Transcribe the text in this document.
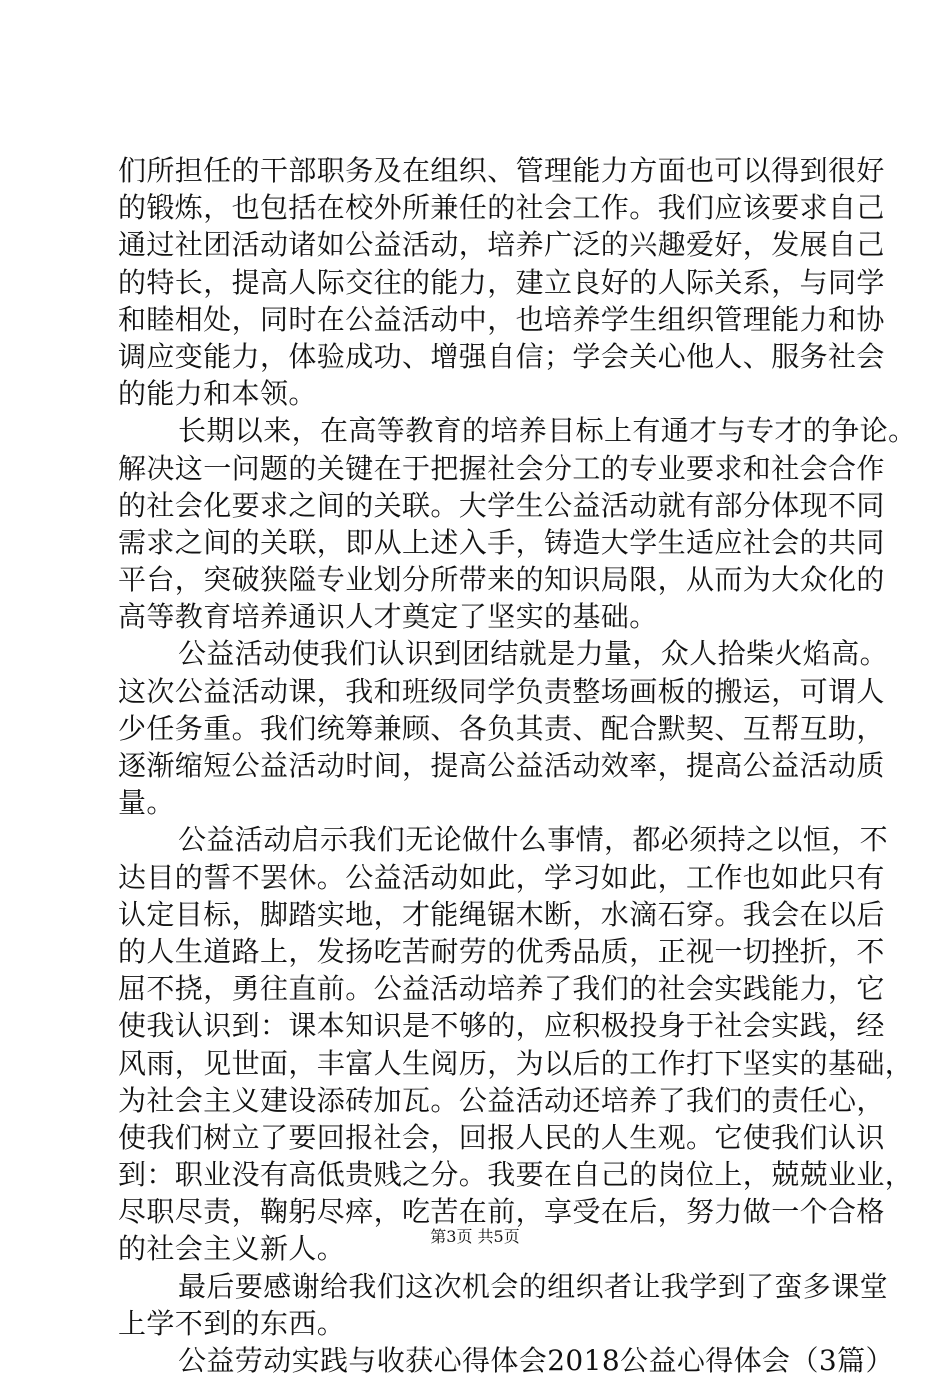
们所担任的干部职务及在组织、管理能力方面也可以得到很好
的锻炼，也包括在校外所兼任的社会工作。我们应该要求自己
通过社团活动诸如公益活动，培养广泛的兴趣爱好，发展自己
的特长，提高人际交往的能力，建立良好的人际关系，与同学
和睦相处，同时在公益活动中，也培养学生组织管理能力和协
调应变能力，体验成功、增强自信；学会关心他人、服务社会
的能力和本领。
长期以来，在高等教育的培养目标上有通才与专才的争论。
解决这一问题的关键在于把握社会分工的专业要求和社会合作
的社会化要求之间的关联。大学生公益活动就有部分体现不同
需求之间的关联，即从上述入手，铸造大学生适应社会的共同
平台，突破狭隘专业划分所带来的知识局限，从而为大众化的
高等教育培养通识人才奠定了坚实的基础。
公益活动使我们认识到团结就是力量，众人拾柴火焰高。
这次公益活动课，我和班级同学负责整场画板的搬运，可谓人
少任务重。我们统筹兼顾、各负其责、配合默契、互帮互助，
逐渐缩短公益活动时间，提高公益活动效率，提高公益活动质
量。
公益活动启示我们无论做什么事情，都必须持之以恒，不
达目的誓不罢休。公益活动如此，学习如此，工作也如此只有
认定目标，脚踏实地，才能绳锯木断，水滴石穿。我会在以后
的人生道路上，发扬吃苦耐劳的优秀品质，正视一切挫折，不
屈不挠，勇往直前。公益活动培养了我们的社会实践能力，它
使我认识到：课本知识是不够的，应积极投身于社会实践，经
风雨，见世面，丰富人生阅历，为以后的工作打下坚实的基础，
为社会主义建设添砖加瓦。公益活动还培养了我们的责任心，
使我们树立了要回报社会，回报人民的人生观。它使我们认识
到：职业没有高低贵贱之分。我要在自己的岗位上，兢兢业业，
尽职尽责，鞠躬尽瘁，吃苦在前，享受在后，努力做一个合格
的社会主义新人。
最后要感谢给我们这次机会的组织者让我学到了蛮多课堂
上学不到的东西。
公益劳动实践与收获心得体会2018公益心得体会（3篇）
第3页 共5页
